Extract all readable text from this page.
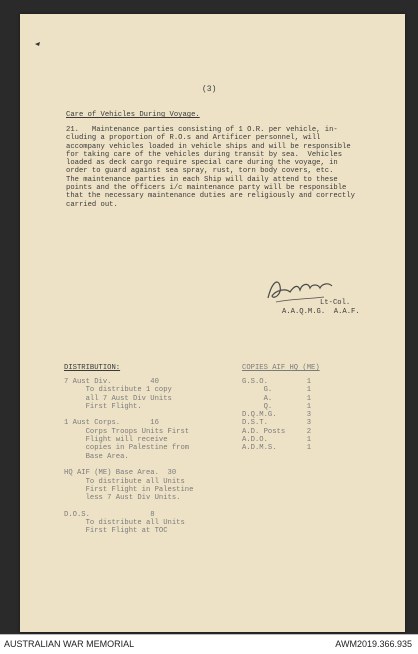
(3)
Care of Vehicles During Voyage.
21.   Maintenance parties consisting of 1 O.R. per vehicle, in-
cluding a proportion of R.O.s and Artificer personnel, will
accompany vehicles loaded in vehicle ships and will be responsible
for taking care of the vehicles during transit by sea.  Vehicles
loaded as deck cargo require special care during the voyage, in
order to guard against sea spray, rust, torn body covers, etc.
The maintenance parties in each Ship will daily attend to these
points and the officers i/c maintenance party will be responsible
that the necessary maintenance duties are religiously and correctly
carried out.
Lt-Col.
A.A.Q.M.G.  A.A.F.
DISTRIBUTION:
7 Aust Div.         40
To distribute 1 copy
all 7 Aust Div Units
First Flight.

1 Aust Corps.       16
Corps Troops Units First
Flight will receive
copies in Palestine from
Base Area.

HQ AIF (ME) Base Area.  30
To distribute all Units
First Flight in Palestine
less 7 Aust Div Units.

D.O.S.              8
To distribute all Units
First Flight at TOC
COPIES AIF HQ (ME)
G.S.O.         1
G.        1
A.        1
Q.        1
D.Q.M.G.       3
D.S.T.         3
A.D. Posts     2
A.D.O.         1
A.D.M.S.       1
AUSTRALIAN WAR MEMORIAL	AWM2019.366.935
